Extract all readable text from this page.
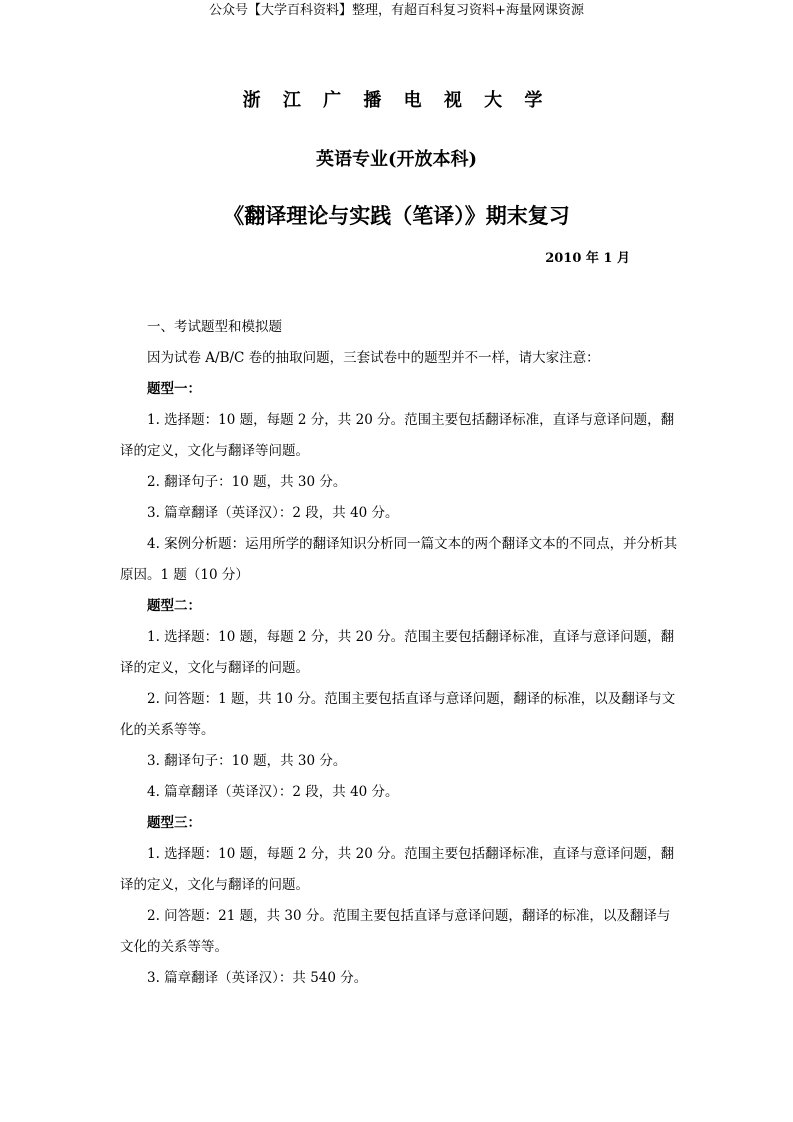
公众号【大学百科资料】整理，有超百科复习资料+海量网课资源
浙 江 广 播 电 视 大 学
英语专业(开放本科)
《翻译理论与实践（笔译）》期末复习
2010 年 1 月

一、考试题型和模拟题

因为试卷 A/B/C 卷的抽取问题，三套试卷中的题型并不一样，请大家注意：

题型一：

1. 选择题：10 题，每题 2 分，共 20 分。范围主要包括翻译标准，直译与意译问题，翻译的定义，文化与翻译等问题。

2. 翻译句子：10 题，共 30 分。

3. 篇章翻译（英译汉）：2 段，共 40 分。

4. 案例分析题：运用所学的翻译知识分析同一篇文本的两个翻译文本的不同点，并分析其原因。1 题（10 分）

题型二：

1. 选择题：10 题，每题 2 分，共 20 分。范围主要包括翻译标准，直译与意译问题，翻译的定义，文化与翻译的问题。

2. 问答题：1 题，共 10 分。范围主要包括直译与意译问题，翻译的标准，以及翻译与文化的关系等等。

3. 翻译句子：10 题，共 30 分。

4. 篇章翻译（英译汉）：2 段，共 40 分。

题型三：

1. 选择题：10 题，每题 2 分，共 20 分。范围主要包括翻译标准，直译与意译问题，翻译的定义，文化与翻译的问题。

2. 问答题：21 题，共 30 分。范围主要包括直译与意译问题，翻译的标准，以及翻译与文化的关系等等。

3. 篇章翻译（英译汉）：共 540 分。
